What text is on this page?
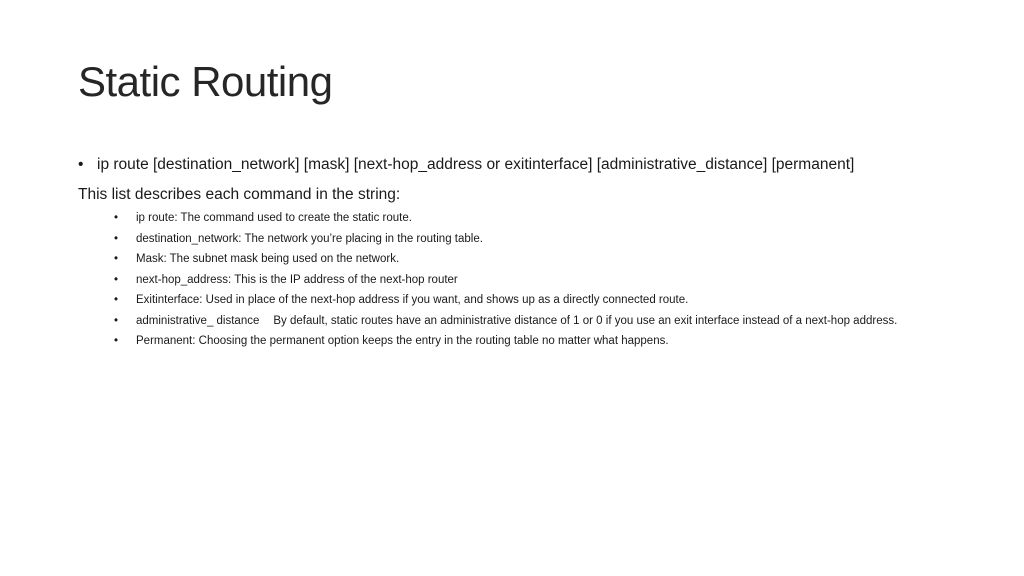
Static Routing
• ip route [destination_network] [mask] [next-hop_address or exitinterface] [administrative_distance] [permanent]
This list describes each command in the string:
• ip route: The command used to create the static route.
• destination_network: The network you’re placing in the routing table.
• Mask: The subnet mask being used on the network.
• next-hop_address: This is the IP address of the next-hop router
• Exitinterface: Used in place of the next-hop address if you want, and shows up as a directly connected route.
• administrative_ distance By default, static routes have an administrative distance of 1 or 0 if you use an exit interface instead of a next-hop address.
• Permanent: Choosing the permanent option keeps the entry in the routing table no matter what happens.
